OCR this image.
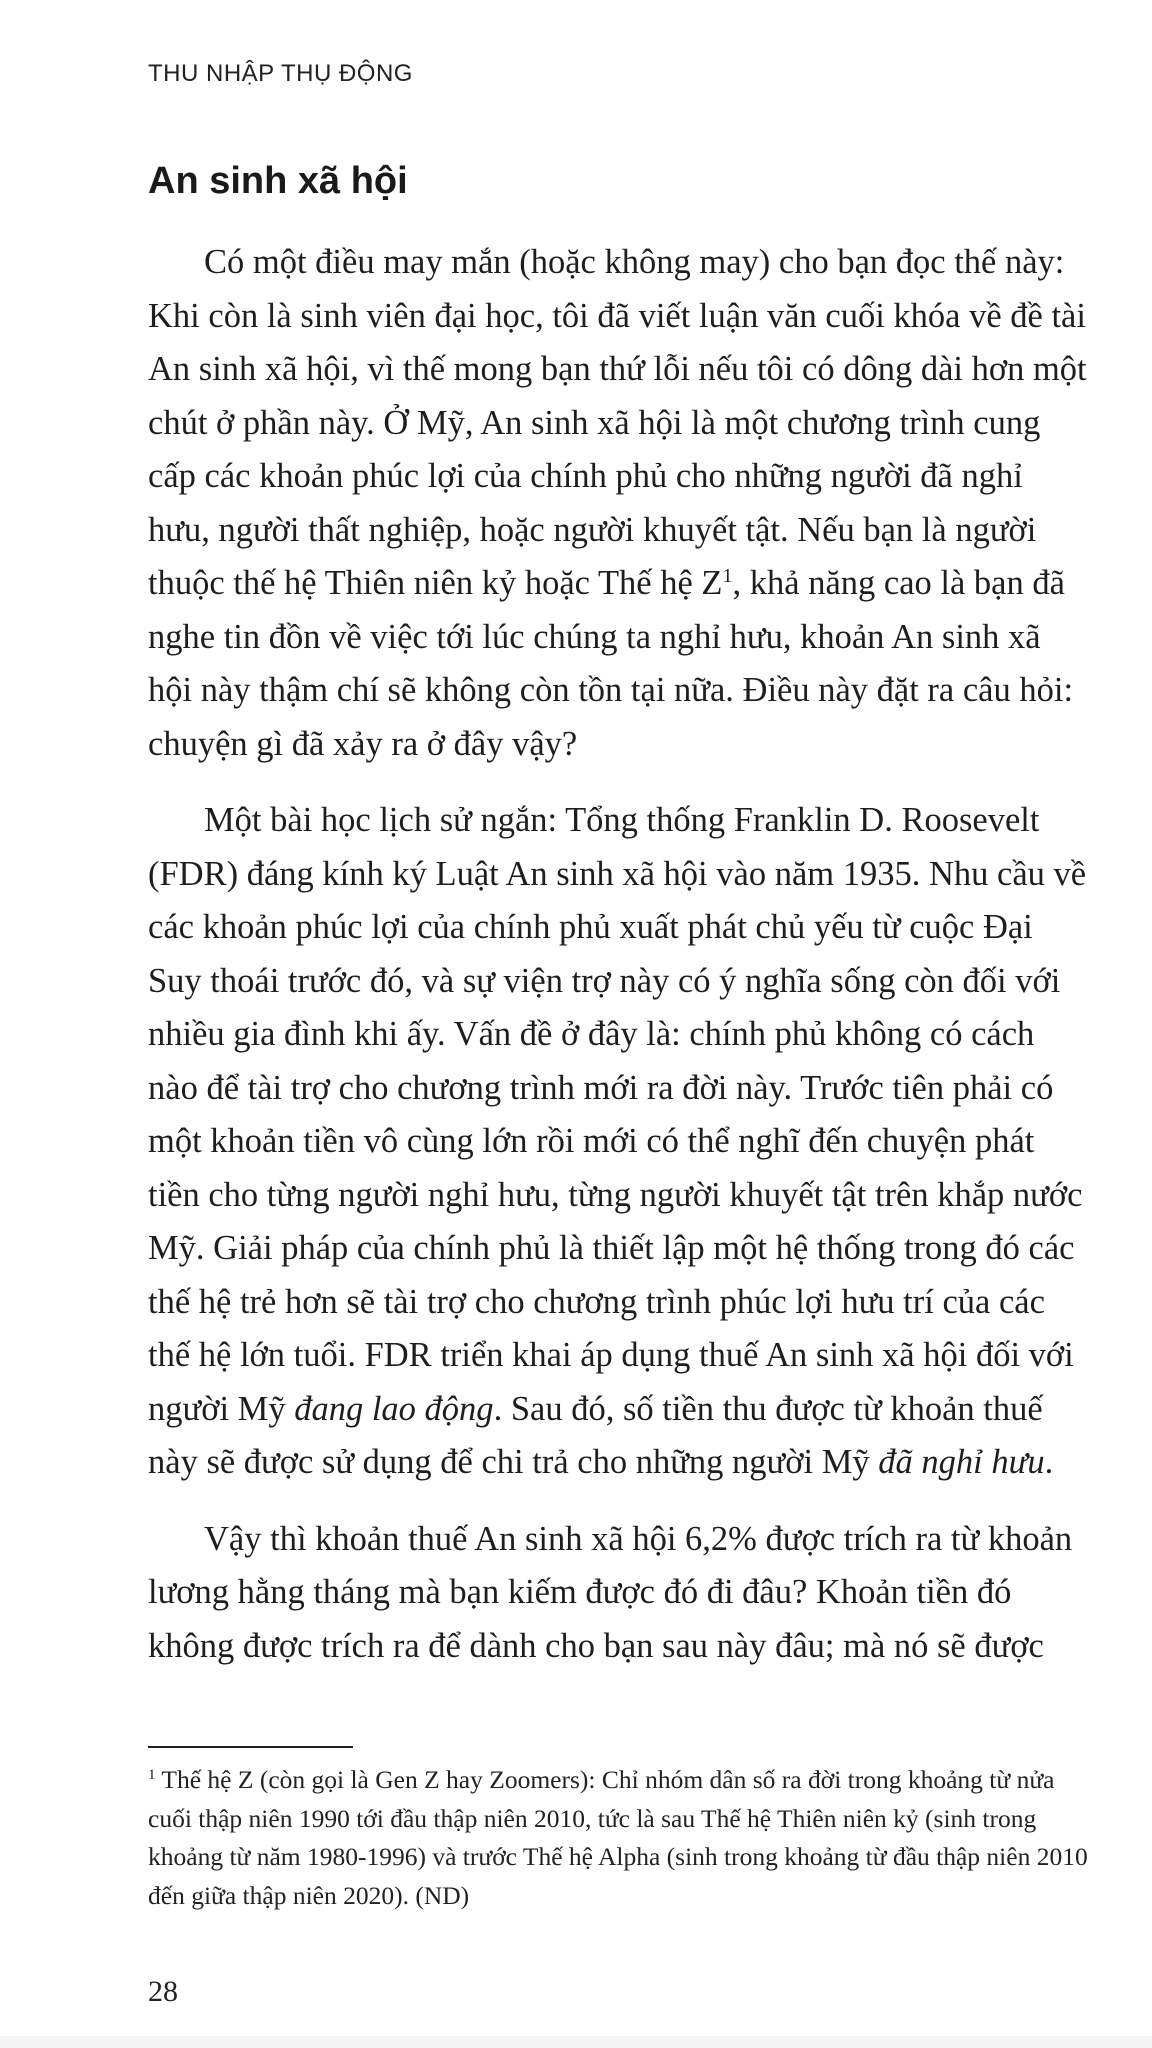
THU NHẬP THỤ ĐỘNG
An sinh xã hội

Có một điều may mắn (hoặc không may) cho bạn đọc thế này: Khi còn là sinh viên đại học, tôi đã viết luận văn cuối khóa về đề tài An sinh xã hội, vì thế mong bạn thứ lỗi nếu tôi có dông dài hơn một chút ở phần này. Ở Mỹ, An sinh xã hội là một chương trình cung cấp các khoản phúc lợi của chính phủ cho những người đã nghỉ hưu, người thất nghiệp, hoặc người khuyết tật. Nếu bạn là người thuộc thế hệ Thiên niên kỷ hoặc Thế hệ $Z^1$, khả năng cao là bạn đã nghe tin đồn về việc tới lúc chúng ta nghỉ hưu, khoản An sinh xã hội này thậm chí sẽ không còn tồn tại nữa. Điều này đặt ra câu hỏi: chuyện gì đã xảy ra ở đây vậy?

Một bài học lịch sử ngắn: Tổng thống Franklin D. Roosevelt (FDR) đáng kính ký Luật An sinh xã hội vào năm 1935. Nhu cầu về các khoản phúc lợi của chính phủ xuất phát chủ yếu từ cuộc Đại Suy thoái trước đó, và sự viện trợ này có ý nghĩa sống còn đối với nhiều gia đình khi ấy. Vấn đề ở đây là: chính phủ không có cách nào để tài trợ cho chương trình mới ra đời này. Trước tiên phải có một khoản tiền vô cùng lớn rồi mới có thể nghĩ đến chuyện phát tiền cho từng người nghỉ hưu, từng người khuyết tật trên khắp nước Mỹ. Giải pháp của chính phủ là thiết lập một hệ thống trong đó các thế hệ trẻ hơn sẽ tài trợ cho chương trình phúc lợi hưu trí của các thế hệ lớn tuổi. FDR triển khai áp dụng thuế An sinh xã hội đối với người Mỹ đang lao động. Sau đó, số tiền thu được từ khoản thuế này sẽ được sử dụng để chi trả cho những người Mỹ đã nghỉ hưu.

Vậy thì khoản thuế An sinh xã hội 6,2% được trích ra từ khoản lương hằng tháng mà bạn kiếm được đó đi đâu? Khoản tiền đó không được trích ra để dành cho bạn sau này đâu; mà nó sẽ được

$^1$ Thế hệ Z (còn gọi là Gen Z hay Zoomers): Chỉ nhóm dân số ra đời trong khoảng từ nửa cuối thập niên 1990 tới đầu thập niên 2010, tức là sau Thế hệ Thiên niên kỷ (sinh trong khoảng từ năm 1980-1996) và trước Thế hệ Alpha (sinh trong khoảng từ đầu thập niên 2010 đến giữa thập niên 2020). (ND)

28
